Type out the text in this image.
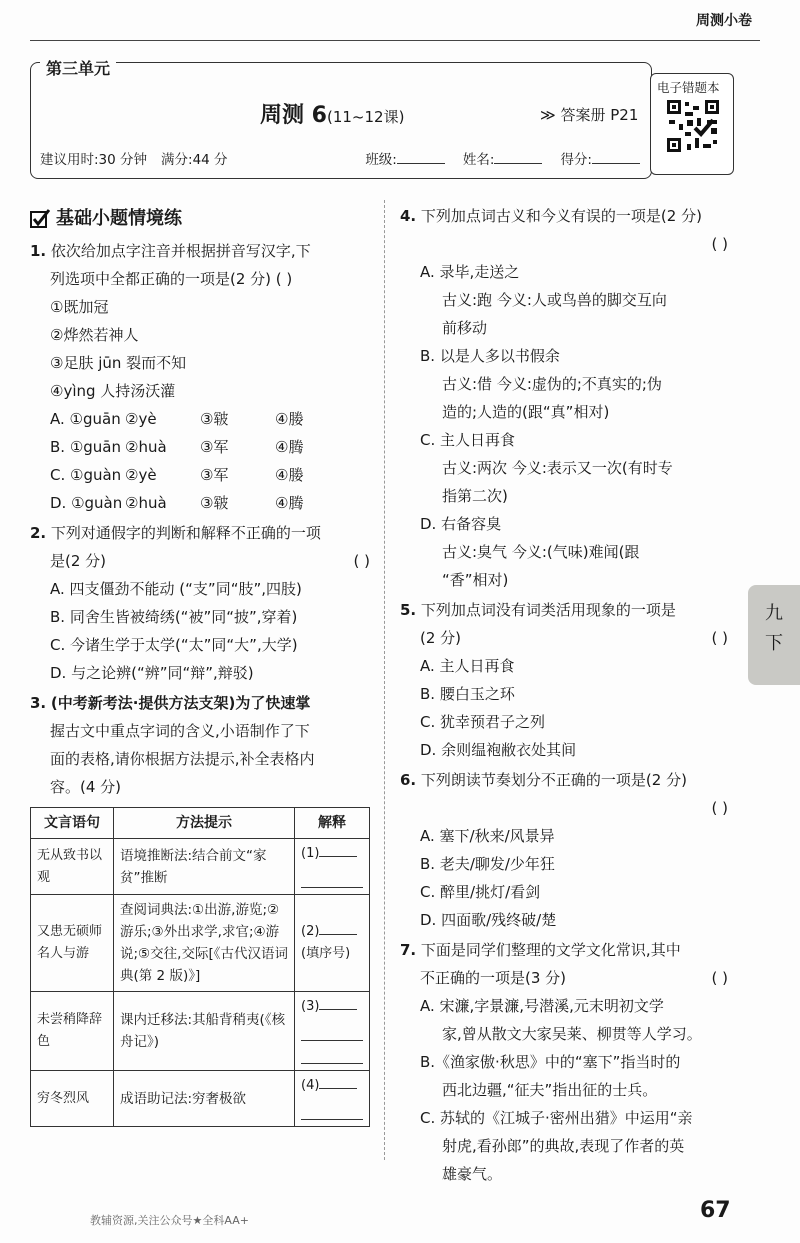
周测小卷
第三单元
周测 6(11~12课)	≫ 答案册 P21
建议用时:30 分钟 满分:44 分	班级:	姓名:	得分:
电子错题本
基础小题情境练
1. 依次给加点字注音并根据拼音写汉字,下
列选项中全都正确的一项是(2 分) ( )
①既加冠
②烨然若神人
③足肤 jūn 裂而不知
④yìng 人持汤沃灌
A. ①guān ②yè	③皲	④媵
B. ①guān ②huà	③军	④腾
C. ①guàn ②yè	③军	④媵
D. ①guàn ②huà	③皲	④腾
2. 下列对通假字的判断和解释不正确的一项
是(2 分)	( )
A. 四支僵劲不能动 (“支”同“肢”,四肢)
B. 同舍生皆被绮绣(“被”同“披”,穿着)
C. 今诸生学于太学(“太”同“大”,大学)
D. 与之论辨(“辨”同“辩”,辩驳)
3. (中考新考法·提供方法支架)为了快速掌
握古文中重点字词的含义,小语制作了下
面的表格,请你根据方法提示,补全表格内
容。(4 分)
文言语句	方法提示	解释
无从致书以观	语境推断法:结合前文“家贫”推断	(1)

又患无硕师名人与游	查阅词典法:①出游,游览;②游乐;③外出求学,求官;④游说;⑤交往,交际[《古代汉语词典(第 2 版)》]	(2)
(填序号)
未尝稍降辞色	课内迁移法:其船背稍夷(《核舟记》)	(3)

穷冬烈风	成语助记法:穷奢极欲	(4)
4. 下列加点词古义和今义有误的一项是(2 分)
( )
A. 录毕,走送之
古义:跑 今义:人或鸟兽的脚交互向
前移动
B. 以是人多以书假余
古义:借 今义:虚伪的;不真实的;伪
造的;人造的(跟“真”相对)
C. 主人日再食
古义:两次 今义:表示又一次(有时专
指第二次)
D. 右备容臭
古义:臭气 今义:(气味)难闻(跟
“香”相对)
5. 下列加点词没有词类活用现象的一项是
(2 分)	( )
A. 主人日再食
B. 腰白玉之环
C. 犹幸预君子之列
D. 余则缊袍敝衣处其间
6. 下列朗读节奏划分不正确的一项是(2 分)
( )
A. 塞下/秋来/风景异
B. 老夫/聊发/少年狂
C. 醉里/挑灯/看剑
D. 四面歌/残终破/楚
7. 下面是同学们整理的文学文化常识,其中
不正确的一项是(3 分)	( )
A. 宋濂,字景濂,号潜溪,元末明初文学
家,曾从散文大家吴莱、柳贯等人学习。
B.《渔家傲·秋思》中的“塞下”指当时的
西北边疆,“征夫”指出征的士兵。
C. 苏轼的《江城子·密州出猎》中运用“亲
射虎,看孙郎”的典故,表现了作者的英
雄豪气。
九
下
教辅资源,关注公众号★全科AA+	67
